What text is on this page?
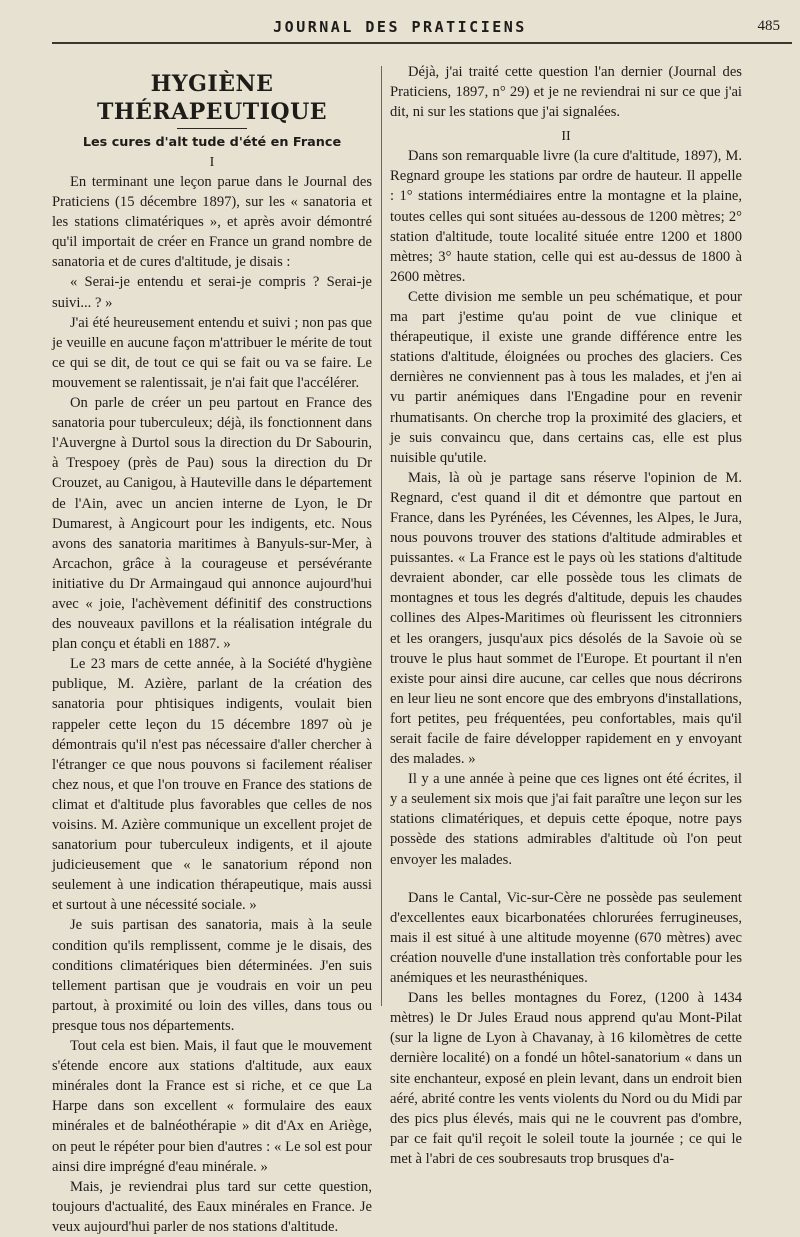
JOURNAL DES PRATICIENS	485
HYGIÈNE THÉRAPEUTIQUE
Les cures d'alt tude d'été en France
I

En terminant une leçon parue dans le Journal des Praticiens (15 décembre 1897), sur les « sanatoria et les stations climatériques », et après avoir démontré qu'il importait de créer en France un grand nombre de sanatoria et de cures d'altitude, je disais :

« Serai-je entendu et serai-je compris ? Serai-je suivi... ? »

J'ai été heureusement entendu et suivi ; non pas que je veuille en aucune façon m'attribuer le mérite de tout ce qui se dit, de tout ce qui se fait ou va se faire. Le mouvement se ralentissait, je n'ai fait que l'accélérer.

On parle de créer un peu partout en France des sanatoria pour tuberculeux; déjà, ils fonctionnent dans l'Auvergne à Durtol sous la direction du Dr Sabourin, à Trespoey (près de Pau) sous la direction du Dr Crouzet, au Canigou, à Hauteville dans le département de l'Ain, avec un ancien interne de Lyon, le Dr Dumarest, à Angicourt pour les indigents, etc. Nous avons des sanatoria maritimes à Banyuls-sur-Mer, à Arcachon, grâce à la courageuse et persévérante initiative du Dr Armaingaud qui annonce aujourd'hui avec « joie, l'achèvement définitif des constructions des nouveaux pavillons et la réalisation intégrale du plan conçu et établi en 1887. »

Le 23 mars de cette année, à la Société d'hygiène publique, M. Azière, parlant de la création des sanatoria pour phtisiques indigents, voulait bien rappeler cette leçon du 15 décembre 1897 où je démontrais qu'il n'est pas nécessaire d'aller chercher à l'étranger ce que nous pouvons si facilement réaliser chez nous, et que l'on trouve en France des stations de climat et d'altitude plus favorables que celles de nos voisins. M. Azière communique un excellent projet de sanatorium pour tuberculeux indigents, et il ajoute judicieusement que « le sanatorium répond non seulement à une indication thérapeutique, mais aussi et surtout à une nécessité sociale. »

Je suis partisan des sanatoria, mais à la seule condition qu'ils remplissent, comme je le disais, des conditions climatériques bien déterminées. J'en suis tellement partisan que je voudrais en voir un peu partout, à proximité ou loin des villes, dans tous ou presque tous nos départements.

Tout cela est bien. Mais, il faut que le mouvement s'étende encore aux stations d'altitude, aux eaux minérales dont la France est si riche, et ce que La Harpe dans son excellent « formulaire des eaux minérales et de balnéothérapie » dit d'Ax en Ariège, on peut le répéter pour bien d'autres : « Le sol est pour ainsi dire imprégné d'eau minérale. »

Mais, je reviendrai plus tard sur cette question, toujours d'actualité, des Eaux minérales en France. Je veux aujourd'hui parler de nos stations d'altitude.

Déjà, j'ai traité cette question l'an dernier (Journal des Praticiens, 1897, n° 29) et je ne reviendrai ni sur ce que j'ai dit, ni sur les stations que j'ai signalées.

II

Dans son remarquable livre (la cure d'altitude, 1897), M. Regnard groupe les stations par ordre de hauteur. Il appelle : 1° stations intermédiaires entre la montagne et la plaine, toutes celles qui sont situées au-dessous de 1200 mètres; 2° station d'altitude, toute localité située entre 1200 et 1800 mètres; 3° haute station, celle qui est au-dessus de 1800 à 2600 mètres.

Cette division me semble un peu schématique, et pour ma part j'estime qu'au point de vue clinique et thérapeutique, il existe une grande différence entre les stations d'altitude, éloignées ou proches des glaciers. Ces dernières ne conviennent pas à tous les malades, et j'en ai vu partir anémiques dans l'Engadine pour en revenir rhumatisants. On cherche trop la proximité des glaciers, et je suis convaincu que, dans certains cas, elle est plus nuisible qu'utile.

Mais, là où je partage sans réserve l'opinion de M. Regnard, c'est quand il dit et démontre que partout en France, dans les Pyrénées, les Cévennes, les Alpes, le Jura, nous pouvons trouver des stations d'altitude admirables et puissantes. « La France est le pays où les stations d'altitude devraient abonder, car elle possède tous les climats de montagnes et tous les degrés d'altitude, depuis les chaudes collines des Alpes-Maritimes où fleurissent les citronniers et les orangers, jusqu'aux pics désolés de la Savoie où se trouve le plus haut sommet de l'Europe. Et pourtant il n'en existe pour ainsi dire aucune, car celles que nous décrirons en leur lieu ne sont encore que des embryons d'installations, fort petites, peu fréquentées, peu confortables, mais qu'il serait facile de faire développer rapidement en y envoyant des malades. »

Il y a une année à peine que ces lignes ont été écrites, il y a seulement six mois que j'ai fait paraître une leçon sur les stations climatériques, et depuis cette époque, notre pays possède des stations admirables d'altitude où l'on peut envoyer les malades.

Dans le Cantal, Vic-sur-Cère ne possède pas seulement d'excellentes eaux bicarbonatées chlorurées ferrugineuses, mais il est situé à une altitude moyenne (670 mètres) avec création nouvelle d'une installation très confortable pour les anémiques et les neurasthéniques.

Dans les belles montagnes du Forez, (1200 à 1434 mètres) le Dr Jules Eraud nous apprend qu'au Mont-Pilat (sur la ligne de Lyon à Chavanay, à 16 kilomètres de cette dernière localité) on a fondé un hôtel-sanatorium « dans un site enchanteur, exposé en plein levant, dans un endroit bien aéré, abrité contre les vents violents du Nord ou du Midi par des pics plus élevés, mais qui ne le couvrent pas d'ombre, par ce fait qu'il reçoit le soleil toute la journée ; ce qui le met à l'abri de ces soubresauts trop brusques d'a-
